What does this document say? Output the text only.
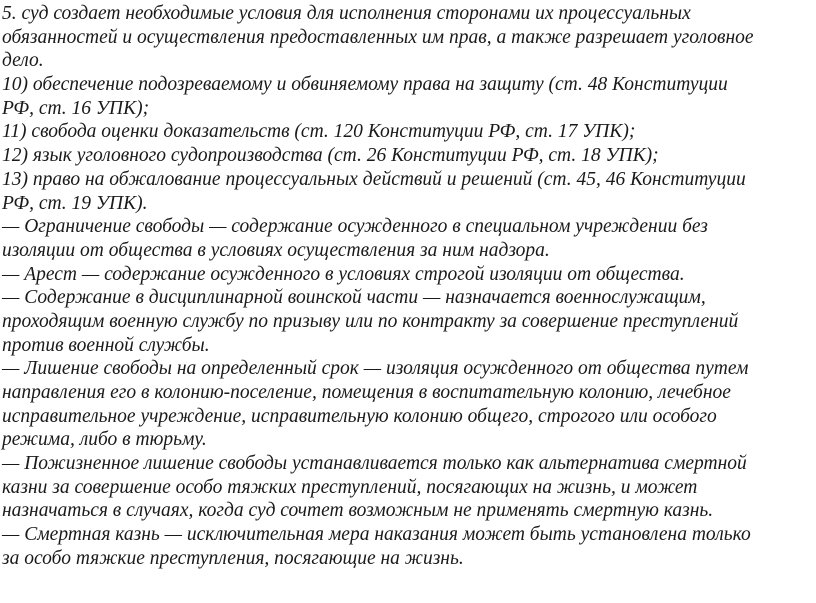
5. суд создает необходимые условия для исполнения сторонами их процессуальных
обязанностей и осуществления предоставленных им прав, а также разрешает уголовное
дело.
10) обеспечение подозреваемому и обвиняемому права на защиту (ст. 48 Конституции
РФ, ст. 16 УПК);
11) свобода оценки доказательств (ст. 120 Конституции РФ, ст. 17 УПК);
12) язык уголовного судопроизводства (ст. 26 Конституции РФ, ст. 18 УПК);
13) право на обжалование процессуальных действий и решений (ст. 45, 46 Конституции
РФ, ст. 19 УПК).
— Ограничение свободы — содержание осужденного в специальном учреждении без
изоляции от общества в условиях осуществления за ним надзора.
— Арест — содержание осужденного в условиях строгой изоляции от общества.
— Содержание в дисциплинарной воинской части — назначается военнослужащим,
проходящим военную службу по призыву или по контракту за совершение преступлений
против военной службы.
— Лишение свободы на определенный срок — изоляция осужденного от общества путем
направления его в колонию-поселение, помещения в воспитательную колонию, лечебное
исправительное учреждение, исправительную колонию общего, строгого или особого
режима, либо в тюрьму.
— Пожизненное лишение свободы устанавливается только как альтернатива смертной
казни за совершение особо тяжких преступлений, посягающих на жизнь, и может
назначаться в случаях, когда суд сочтет возможным не применять смертную казнь.
— Смертная казнь — исключительная мера наказания может быть установлена только
за особо тяжкие преступления, посягающие на жизнь.
